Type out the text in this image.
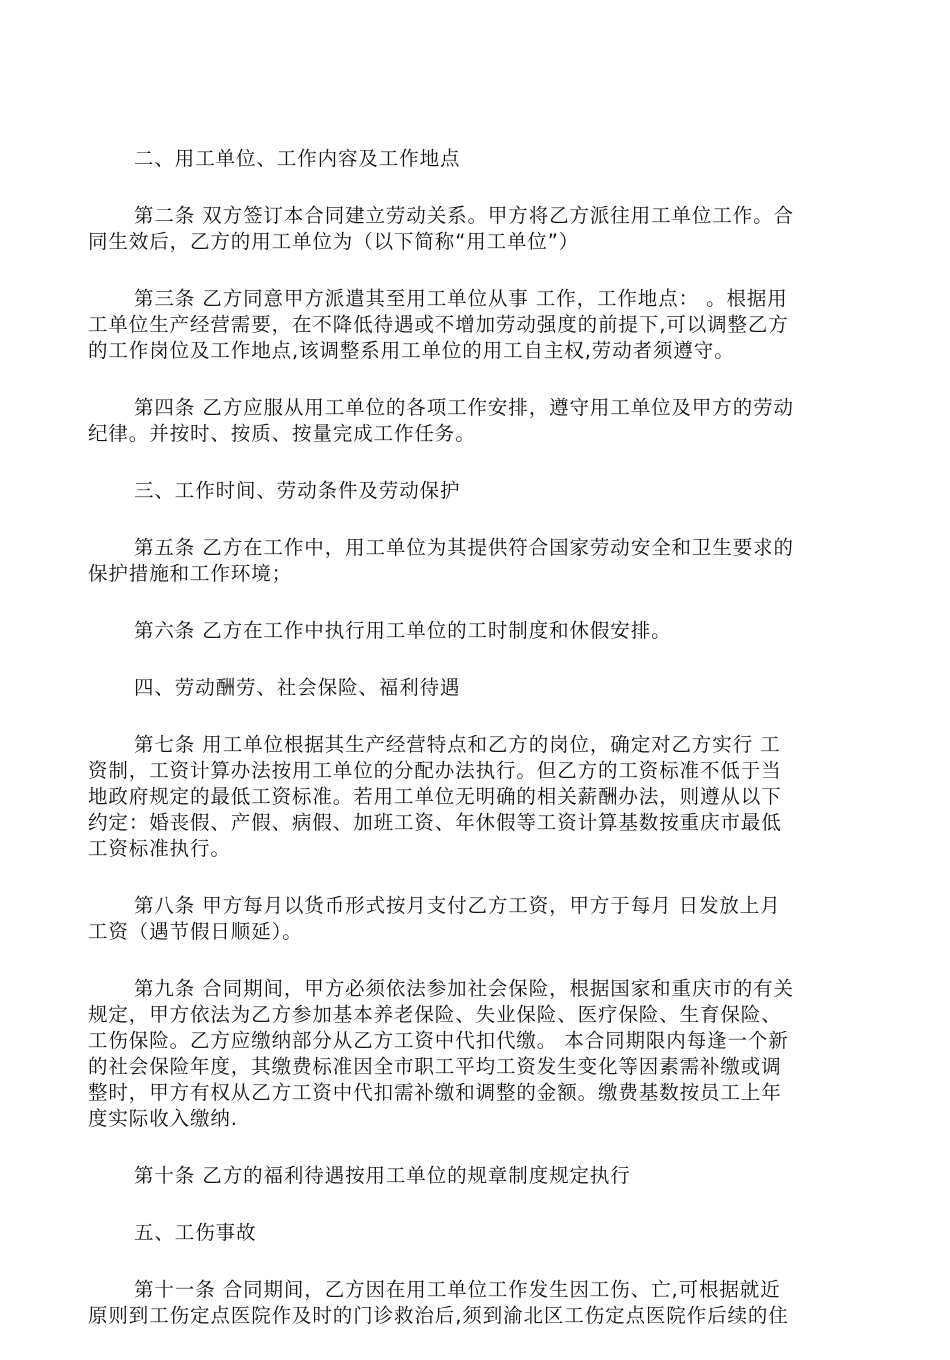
二、用工单位、工作内容及工作地点
第二条 双方签订本合同建立劳动关系。甲方将乙方派往用工单位工作。合
同生效后，乙方的用工单位为（以下简称“用工单位”）
第三条 乙方同意甲方派遣其至用工单位从事 工作，工作地点： 。根据用
工单位生产经营需要，在不降低待遇或不增加劳动强度的前提下,可以调整乙方
的工作岗位及工作地点,该调整系用工单位的用工自主权,劳动者须遵守。
第四条 乙方应服从用工单位的各项工作安排，遵守用工单位及甲方的劳动
纪律。并按时、按质、按量完成工作任务。
三、工作时间、劳动条件及劳动保护
第五条 乙方在工作中，用工单位为其提供符合国家劳动安全和卫生要求的
保护措施和工作环境；
第六条 乙方在工作中执行用工单位的工时制度和休假安排。
四、劳动酬劳、社会保险、福利待遇
第七条 用工单位根据其生产经营特点和乙方的岗位，确定对乙方实行 工
资制，工资计算办法按用工单位的分配办法执行。但乙方的工资标准不低于当
地政府规定的最低工资标准。若用工单位无明确的相关薪酬办法，则遵从以下
约定：婚丧假、产假、病假、加班工资、年休假等工资计算基数按重庆市最低
工资标准执行。
第八条 甲方每月以货币形式按月支付乙方工资，甲方于每月 日发放上月
工资（遇节假日顺延）。
第九条 合同期间，甲方必须依法参加社会保险，根据国家和重庆市的有关
规定，甲方依法为乙方参加基本养老保险、失业保险、医疗保险、生育保险、
工伤保险。乙方应缴纳部分从乙方工资中代扣代缴。 本合同期限内每逢一个新
的社会保险年度，其缴费标准因全市职工平均工资发生变化等因素需补缴或调
整时，甲方有权从乙方工资中代扣需补缴和调整的金额。缴费基数按员工上年
度实际收入缴纳.
第十条 乙方的福利待遇按用工单位的规章制度规定执行
五、工伤事故
第十一条 合同期间，乙方因在用工单位工作发生因工伤、亡,可根据就近
原则到工伤定点医院作及时的门诊救治后,须到渝北区工伤定点医院作后续的住
